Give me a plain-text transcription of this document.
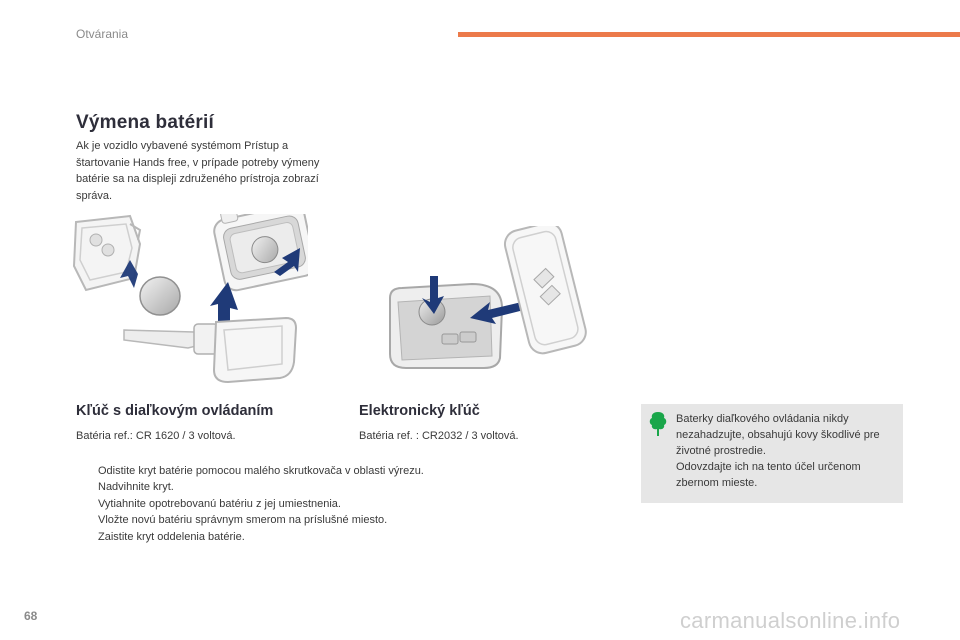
Otvárania
Výmena batérií
Ak je vozidlo vybavené systémom Prístup a štartovanie Hands free, v prípade potreby výmeny batérie sa na displeji združeného prístroja zobrazí správa.
Kľúč s diaľkovým ovládaním
Batéria ref.: CR 1620 / 3 voltová.
Elektronický kľúč
Batéria ref. : CR2032 / 3 voltová.
Odistite kryt batérie pomocou malého skrutkovača v oblasti výrezu.
Nadvihnite kryt.
Vytiahnite opotrebovanú batériu z jej umiestnenia.
Vložte novú batériu správnym smerom na príslušné miesto.
Zaistite kryt oddelenia batérie.
Baterky diaľkového ovládania nikdy nezahadzujte, obsahujú kovy škodlivé pre životné prostredie.
Odovzdajte ich na tento účel určenom zbernom mieste.
68	carmanualsonline.info
